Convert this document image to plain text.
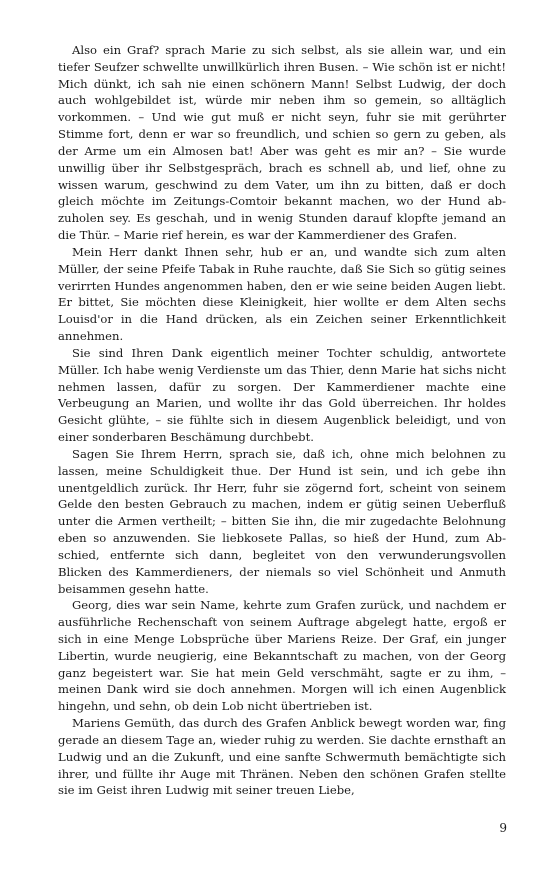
Also ein Graf? sprach Marie zu sich selbst, als sie allein war, und ein tiefer Seufzer schwellte unwillkürlich ihren Busen. – Wie schön ist er nicht! Mich dünkt, ich sah nie einen schönern Mann! Selbst Ludwig, der doch auch wohlgebildet ist, würde mir neben ihm so gemein, so alltäglich vorkommen. – Und wie gut muß er nicht seyn, fuhr sie mit gerührter Stimme fort, denn er war so freundlich, und schien so gern zu geben, als der Arme um ein Almosen bat! Aber was geht es mir an? – Sie wurde unwillig über ihr Selbstgespräch, brach es schnell ab, und lief, ohne zu wissen warum, geschwind zu dem Vater, um ihn zu bitten, daß er doch gleich möchte im Zeitungs-Comtoir bekannt machen, wo der Hund abzuholen sey. Es geschah, und in wenig Stunden darauf klopfte jemand an die Thür. – Marie rief herein, es war der Kammerdiener des Grafen.

Mein Herr dankt Ihnen sehr, hub er an, und wandte sich zum alten Müller, der seine Pfeife Tabak in Ruhe rauchte, daß Sie Sich so gütig seines verirrten Hundes angenommen haben, den er wie seine beiden Augen liebt. Er bittet, Sie möchten diese Kleinigkeit, hier wollte er dem Alten sechs Louisd'or in die Hand drücken, als ein Zeichen seiner Erkenntlichkeit annehmen.

Sie sind Ihren Dank eigentlich meiner Tochter schuldig, antwortete Müller. Ich habe wenig Verdienste um das Thier, denn Marie hat sichs nicht nehmen lassen, dafür zu sorgen. Der Kammerdiener machte eine Verbeugung an Marien, und wollte ihr das Gold überreichen. Ihr holdes Gesicht glühte, – sie fühlte sich in diesem Augenblick beleidigt, und von einer sonderbaren Beschämung durchbebt.

Sagen Sie Ihrem Herrn, sprach sie, daß ich, ohne mich belohnen zu lassen, meine Schuldigkeit thue. Der Hund ist sein, und ich gebe ihn unentgeldlich zurück. Ihr Herr, fuhr sie zögernd fort, scheint von seinem Gelde den besten Gebrauch zu machen, indem er gütig seinen Ueberfluß unter die Armen vertheilt; – bitten Sie ihn, die mir zugedachte Belohnung eben so anzuwenden. Sie liebkosete Pallas, so hieß der Hund, zum Abschied, entfernte sich dann, begleitet von den verwunderungsvollen Blicken des Kammerdieners, der niemals so viel Schönheit und Anmuth beisammen gesehn hatte.

Georg, dies war sein Name, kehrte zum Grafen zurück, und nachdem er ausführliche Rechenschaft von seinem Auftrage abgelegt hatte, ergoß er sich in eine Menge Lobsprüche über Mariens Reize. Der Graf, ein junger Libertin, wurde neugierig, eine Bekanntschaft zu machen, von der Georg ganz begeistert war. Sie hat mein Geld verschmäht, sagte er zu ihm, – meinen Dank wird sie doch annehmen. Morgen will ich einen Augenblick hingehn, und sehn, ob dein Lob nicht übertrieben ist.

Mariens Gemüth, das durch des Grafen Anblick bewegt worden war, fing gerade an diesem Tage an, wieder ruhig zu werden. Sie dachte ernsthaft an Ludwig und an die Zukunft, und eine sanfte Schwermuth bemächtigte sich ihrer, und füllte ihr Auge mit Thränen. Neben den schönen Grafen stellte sie im Geist ihren Ludwig mit seiner treuen Liebe,

9
